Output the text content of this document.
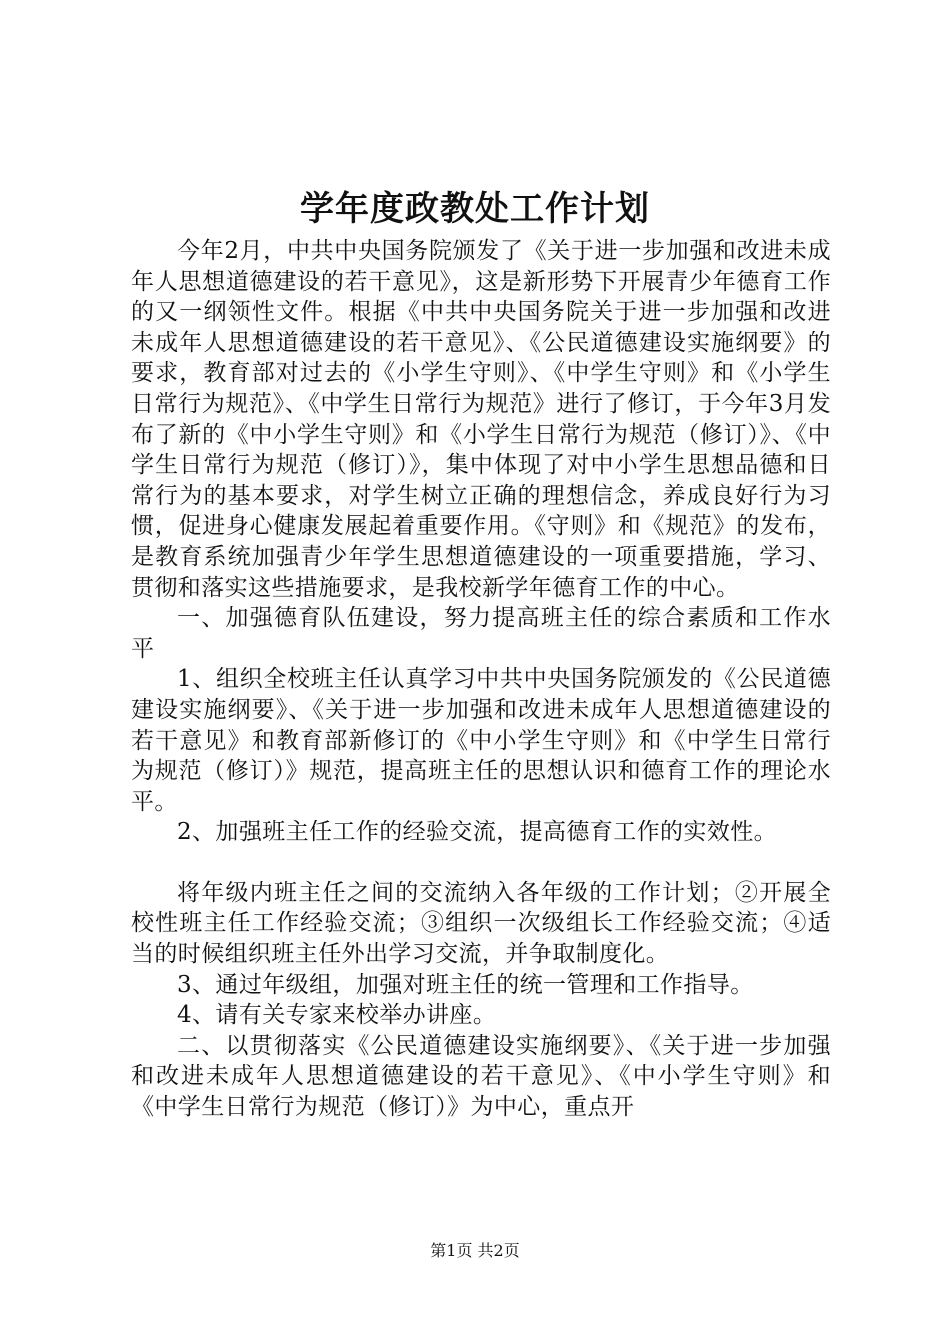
学年度政教处工作计划

今年2月，中共中央国务院颁发了《关于进一步加强和改进未成年人思想道德建设的若干意见》，这是新形势下开展青少年德育工作的又一纲领性文件。根据《中共中央国务院关于进一步加强和改进未成年人思想道德建设的若干意见》、《公民道德建设实施纲要》的要求，教育部对过去的《小学生守则》、《中学生守则》和《小学生日常行为规范》、《中学生日常行为规范》进行了修订，于今年3月发布了新的《中小学生守则》和《小学生日常行为规范（修订）》、《中学生日常行为规范（修订）》，集中体现了对中小学生思想品德和日常行为的基本要求，对学生树立正确的理想信念，养成良好行为习惯，促进身心健康发展起着重要作用。《守则》和《规范》的发布，是教育系统加强青少年学生思想道德建设的一项重要措施，学习、贯彻和落实这些措施要求，是我校新学年德育工作的中心。

一、加强德育队伍建设，努力提高班主任的综合素质和工作水平

1、组织全校班主任认真学习中共中央国务院颁发的《公民道德建设实施纲要》、《关于进一步加强和改进未成年人思想道德建设的若干意见》和教育部新修订的《中小学生守则》和《中学生日常行为规范（修订）》规范，提高班主任的思想认识和德育工作的理论水平。

2、加强班主任工作的经验交流，提高德育工作的实效性。

将年级内班主任之间的交流纳入各年级的工作计划；②开展全校性班主任工作经验交流；③组织一次级组长工作经验交流；④适当的时候组织班主任外出学习交流，并争取制度化。

3、通过年级组，加强对班主任的统一管理和工作指导。

4、请有关专家来校举办讲座。

二、以贯彻落实《公民道德建设实施纲要》、《关于进一步加强和改进未成年人思想道德建设的若干意见》、《中小学生守则》和《中学生日常行为规范（修订）》为中心，重点开

第1页 共2页
